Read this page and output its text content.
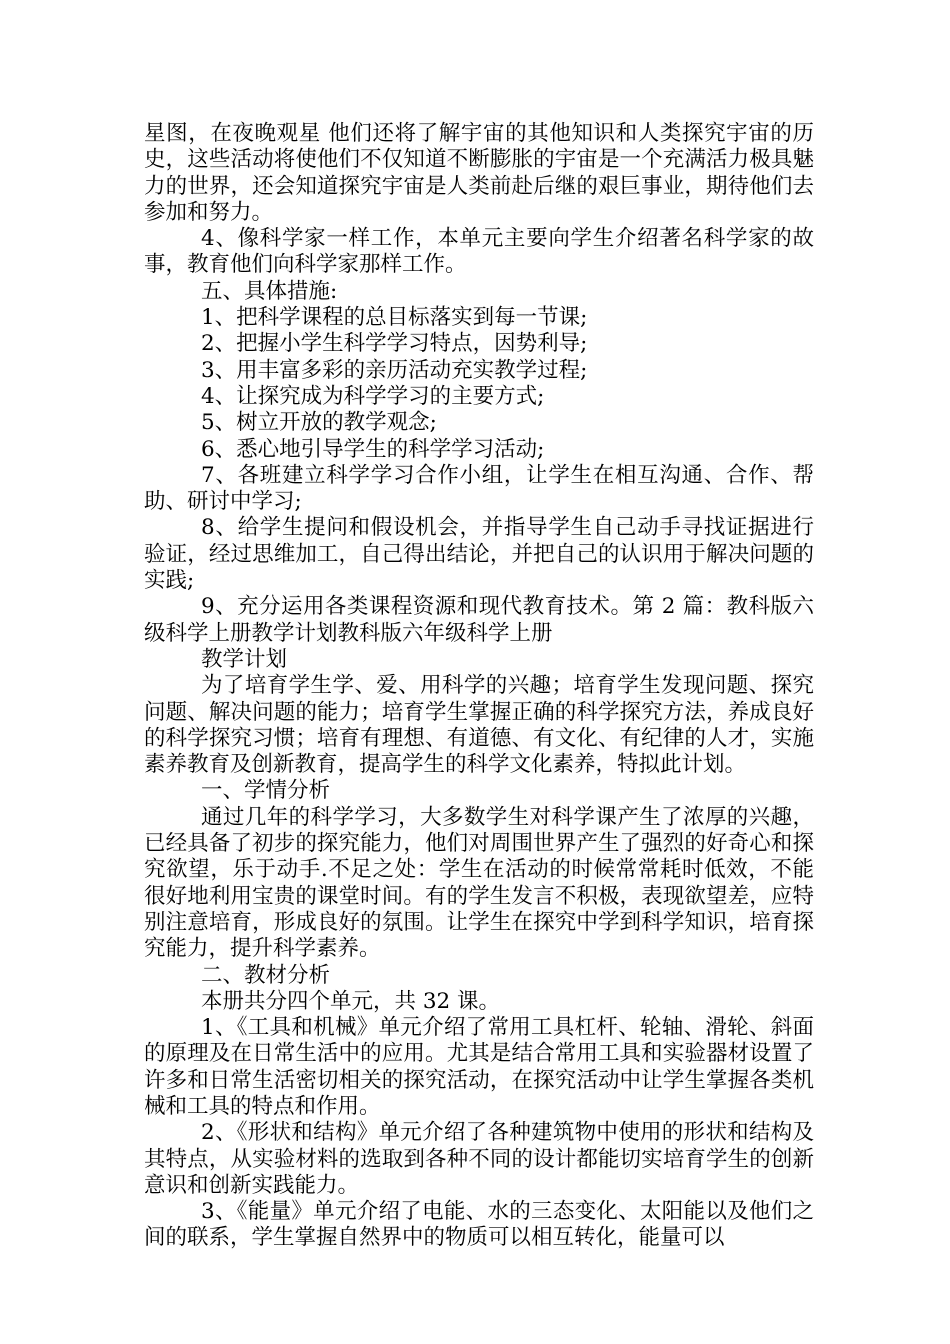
星图，在夜晚观星 他们还将了解宇宙的其他知识和人类探究宇宙的历史，这些活动将使他们不仅知道不断膨胀的宇宙是一个充满活力极具魅力的世界，还会知道探究宇宙是人类前赴后继的艰巨事业，期待他们去参加和努力。

4、像科学家一样工作，本单元主要向学生介绍著名科学家的故事，教育他们向科学家那样工作。

五、具体措施:

1、把科学课程的总目标落实到每一节课;

2、把握小学生科学学习特点，因势利导;

3、用丰富多彩的亲历活动充实教学过程;

4、让探究成为科学学习的主要方式;

5、树立开放的教学观念;

6、悉心地引导学生的科学学习活动;

7、各班建立科学学习合作小组，让学生在相互沟通、合作、帮助、研讨中学习;

8、给学生提问和假设机会，并指导学生自己动手寻找证据进行验证，经过思维加工，自己得出结论，并把自己的认识用于解决问题的实践;

9、充分运用各类课程资源和现代教育技术。第 2 篇：教科版六级科学上册教学计划教科版六年级科学上册

教学计划

为了培育学生学、爱、用科学的兴趣；培育学生发现问题、探究问题、解决问题的能力；培育学生掌握正确的科学探究方法，养成良好的科学探究习惯；培育有理想、有道德、有文化、有纪律的人才，实施素养教育及创新教育，提高学生的科学文化素养，特拟此计划。

一、学情分析

通过几年的科学学习，大多数学生对科学课产生了浓厚的兴趣，已经具备了初步的探究能力，他们对周围世界产生了强烈的好奇心和探究欲望，乐于动手.不足之处：学生在活动的时候常常耗时低效，不能很好地利用宝贵的课堂时间。有的学生发言不积极，表现欲望差，应特别注意培育，形成良好的氛围。让学生在探究中学到科学知识，培育探究能力，提升科学素养。

二、教材分析

本册共分四个单元，共 32 课。

1、《工具和机械》单元介绍了常用工具杠杆、轮轴、滑轮、斜面的原理及在日常生活中的应用。尤其是结合常用工具和实验器材设置了许多和日常生活密切相关的探究活动，在探究活动中让学生掌握各类机械和工具的特点和作用。

2、《形状和结构》单元介绍了各种建筑物中使用的形状和结构及其特点，从实验材料的选取到各种不同的设计都能切实培育学生的创新意识和创新实践能力。

3、《能量》单元介绍了电能、水的三态变化、太阳能以及他们之间的联系，学生掌握自然界中的物质可以相互转化，能量可以
